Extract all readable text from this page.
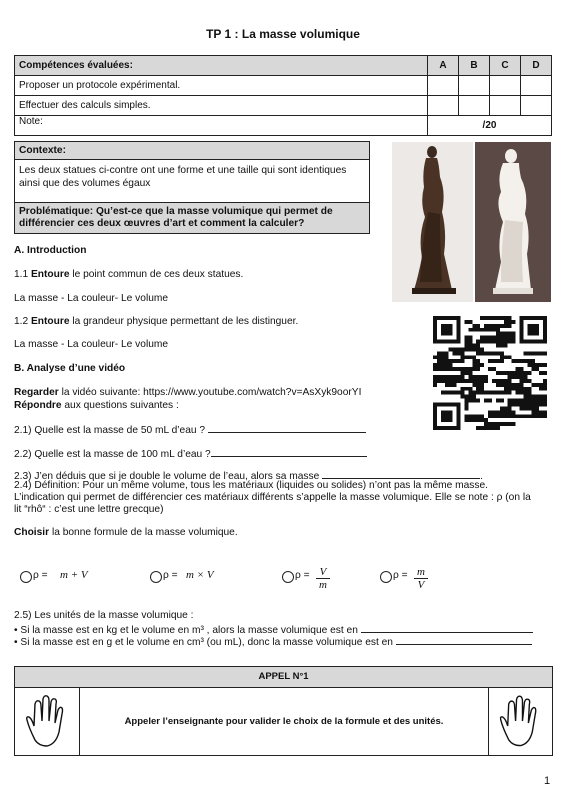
TP 1 : La masse volumique
Compétences évaluées:	A	B	C	D
Proposer un protocole expérimental.				
Effectuer des calculs simples.				
Note:	/20			
Contexte:
Les deux statues ci-contre ont une forme et une taille qui sont identiques ainsi que des volumes égaux
Problématique: Qu’est-ce que la masse volumique qui permet de différencier ces deux œuvres d’art et comment la calculer?
A. Introduction
1.1 Entoure le point commun de ces deux statues.
La masse - La couleur- Le volume
1.2 Entoure la grandeur physique permettant de les distinguer.
La masse - La couleur- Le volume
B. Analyse d’une vidéo
Regarder la vidéo suivante: https://www.youtube.com/watch?v=AsXyk9oorYI
Répondre aux questions suivantes :
2.1) Quelle est la masse de 50 mL d’eau ?
2.2) Quelle est la masse de 100 mL d’eau ?
2.3) J’en déduis que si je double le volume de l’eau, alors sa masse	.
2.4) Définition: Pour un même volume, tous les matériaux (liquides ou solides) n’ont pas la même masse.
L’indication qui permet de différencier ces matériaux différents s’appelle la masse volumique. Elle se note : ρ (on la
lit “rhô“ : c’est une lettre grecque)
Choisir la bonne formule de la masse volumique.
ρ = m + V	ρ = m × V	$\rho = \frac{V}{m}$	$\rho = \frac{m}{V}$
2.5) Les unités de la masse volumique :
• Si la masse est en kg et le volume en m³ , alors la masse volumique est en
• Si la masse est en g et le volume en cm³ (ou mL), donc la masse volumique est en
APPEL N°1
Appeler l’enseignante pour valider le choix de la formule et des unités.
1
